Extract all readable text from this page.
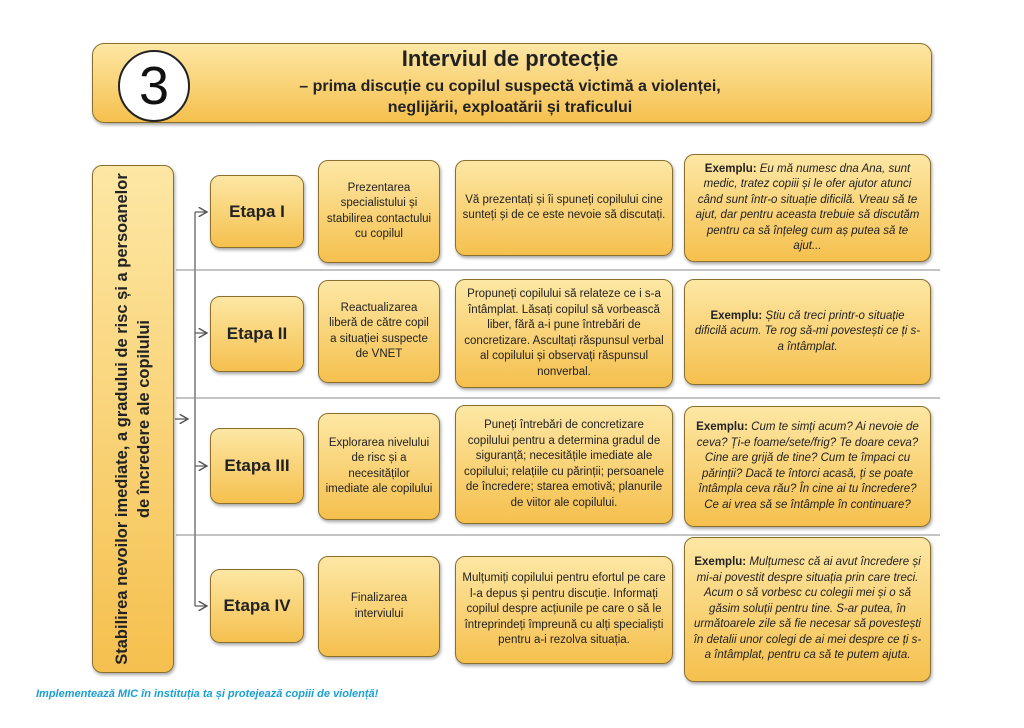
3	Interviul de protecție
– prima discuție cu copilul suspectă victimă a violenței,
neglijării, exploatării și traficului
Stabilirea nevoilor imediate, a gradului de risc și a persoanelor de încredere ale copilului
Etapa I
Prezentarea specialistului și stabilirea contactului cu copilul
Vă prezentați și îi spuneți copilului cine sunteți și de ce este nevoie să discutați.

Exemplu: Eu mă numesc dna Ana, sunt medic, tratez copiii și le ofer ajutor atunci când sunt într-o situație dificilă. Vreau să te ajut, dar pentru aceasta trebuie să discutăm pentru ca să înțeleg cum aș putea să te ajut...

Etapa II
Reactualizarea liberă de către copil a situației suspecte de VNET
Propuneți copilului să relateze ce i s-a întâmplat. Lăsați copilul să vorbească liber, fără a-i pune întrebări de concretizare. Ascultați răspunsul verbal al copilului și observați răspunsul nonverbal.

Exemplu: Știu că treci printr-o situație dificilă acum. Te rog să-mi povestești ce ți s-a întâmplat.

Etapa III
Explorarea nivelului de risc și a necesităților imediate ale copilului
Puneți întrebări de concretizare copilului pentru a determina gradul de siguranță; necesitățile imediate ale copilului; relațiile cu părinții; persoanele de încredere; starea emotivă; planurile de viitor ale copilului.

Exemplu: Cum te simți acum? Ai nevoie de ceva? Ți-e foame/sete/frig? Te doare ceva? Cine are grijă de tine? Cum te împaci cu părinții? Dacă te întorci acasă, ți se poate întâmpla ceva rău? În cine ai tu încredere? Ce ai vrea să se întâmple în continuare?

Etapa IV	Finalizarea interviului
Mulțumiți copilului pentru efortul pe care l-a depus și pentru discuție. Informați copilul despre acțiunile pe care o să le întreprindeți împreună cu alți specialiști pentru a-i rezolva situația.

Exemplu: Mulțumesc că ai avut încredere și mi-ai povestit despre situația prin care treci. Acum o să vorbesc cu colegii mei și o să găsim soluții pentru tine. S-ar putea, în următoarele zile să fie necesar să povestești în detalii unor colegi de ai mei despre ce ți s-a întâmplat, pentru ca să te putem ajuta.

Implementează MIC în instituția ta și protejează copiii de violență!
